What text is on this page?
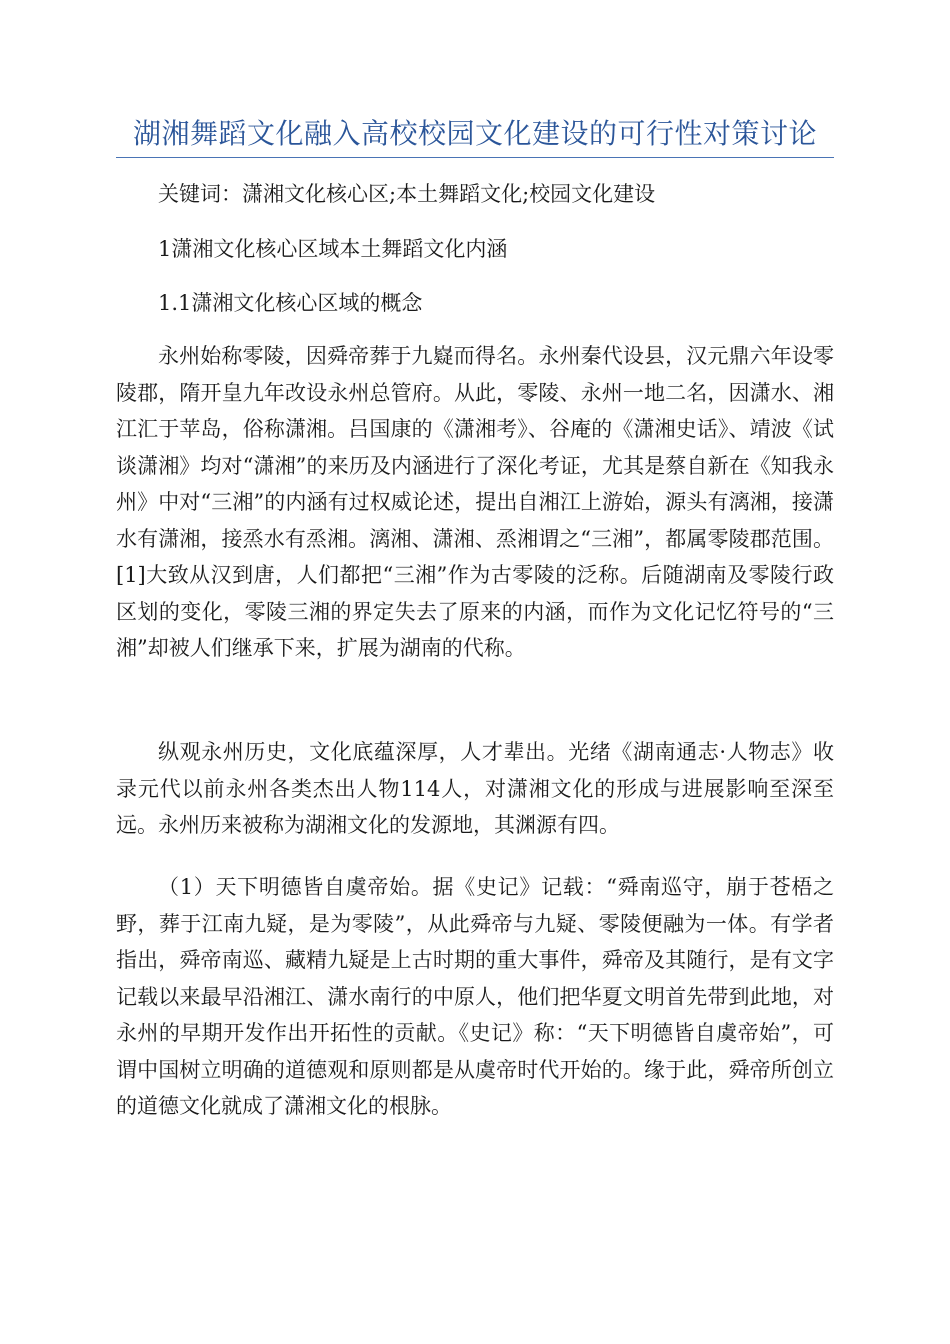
湖湘舞蹈文化融入高校校园文化建设的可行性对策讨论

关键词：潇湘文化核心区;本土舞蹈文化;校园文化建设

1潇湘文化核心区域本土舞蹈文化内涵

1.1潇湘文化核心区域的概念

永州始称零陵，因舜帝葬于九嶷而得名。永州秦代设县，汉元鼎六年设零陵郡，隋开皇九年改设永州总管府。从此，零陵、永州一地二名，因潇水、湘江汇于苹岛，俗称潇湘。吕国康的《潇湘考》、谷庵的《潇湘史话》、靖波《试谈潇湘》均对“潇湘”的来历及内涵进行了深化考证，尤其是蔡自新在《知我永州》中对“三湘”的内涵有过权威论述，提出自湘江上游始，源头有漓湘，接潇水有潇湘，接烝水有烝湘。漓湘、潇湘、烝湘谓之“三湘”，都属零陵郡范围。[1]大致从汉到唐，人们都把“三湘”作为古零陵的泛称。后随湖南及零陵行政区划的变化，零陵三湘的界定失去了原来的内涵，而作为文化记忆符号的“三湘”却被人们继承下来，扩展为湖南的代称。

纵观永州历史，文化底蕴深厚，人才辈出。光绪《湖南通志·人物志》收录元代以前永州各类杰出人物114人，对潇湘文化的形成与进展影响至深至远。永州历来被称为湖湘文化的发源地，其渊源有四。

（1）天下明德皆自虞帝始。据《史记》记载：“舜南巡守，崩于苍梧之野，葬于江南九疑，是为零陵”，从此舜帝与九疑、零陵便融为一体。有学者指出，舜帝南巡、藏精九疑是上古时期的重大事件，舜帝及其随行，是有文字记载以来最早沿湘江、潇水南行的中原人，他们把华夏文明首先带到此地，对永州的早期开发作出开拓性的贡献。《史记》称：“天下明德皆自虞帝始”，可谓中国树立明确的道德观和原则都是从虞帝时代开始的。缘于此，舜帝所创立的道德文化就成了潇湘文化的根脉。
